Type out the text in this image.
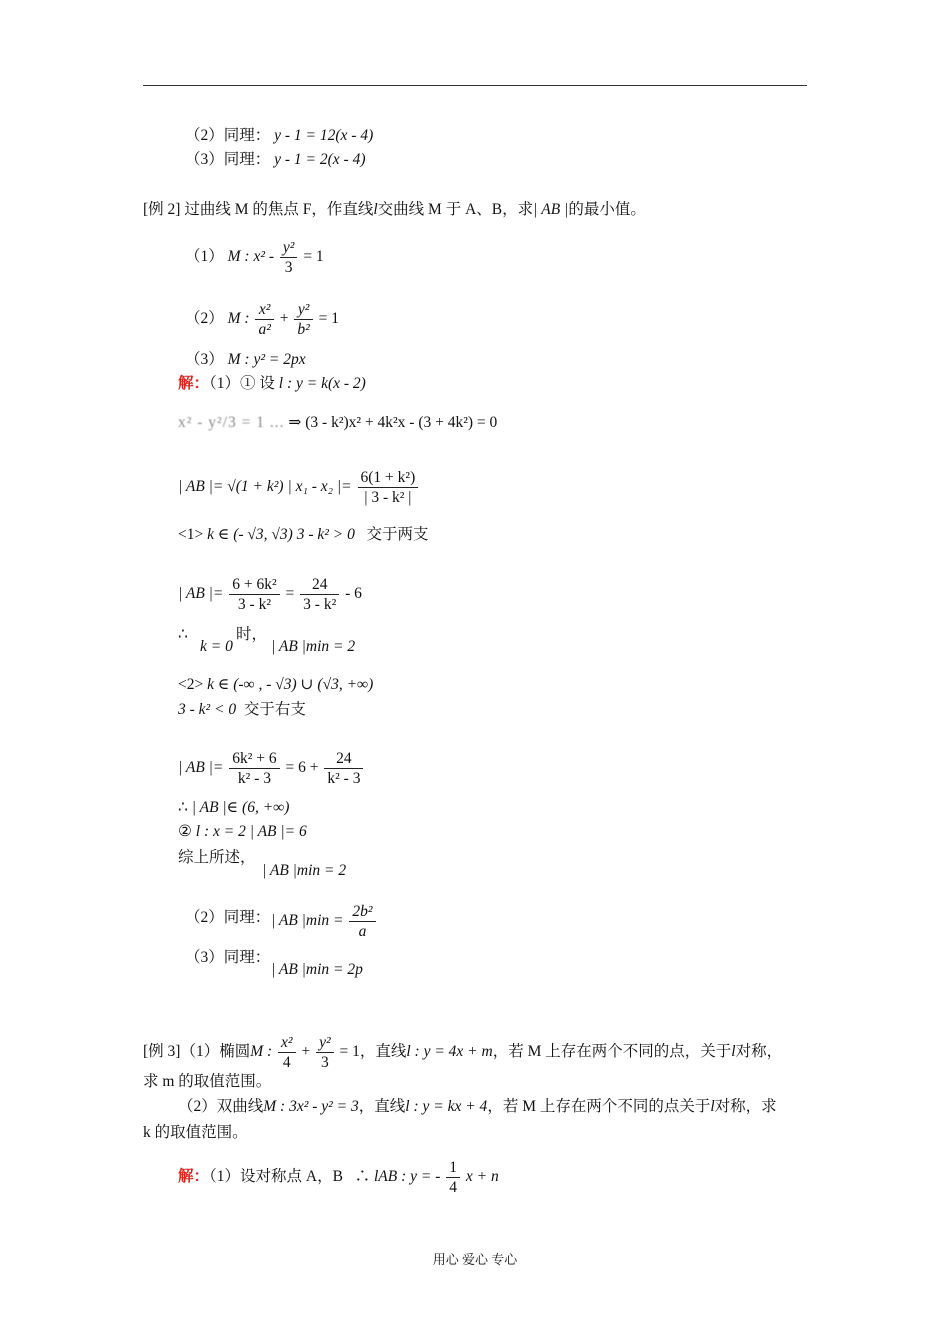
（2）同理： y - 1 = 12(x - 4)
（3）同理： y - 1 = 2(x - 4)
[例 2] 过曲线 M 的焦点 F，作直线l交曲线 M 于 A、B，求| AB |的最小值。
（1） M : $x^2 - \frac{\text{y²}}{3} = 1$
（2） M : $\frac{\text{x²}}{\text{a²}} + \frac{\text{y²}}{\text{b²}} = 1$
（3） M : y² = 2px
解：（1）① 设 l : y = k(x - 2)
x² - y²/3 = 1 ... ⇒ (3 - k²)x² + 4k²x - (3 + 4k²) = 0
| AB |= √(1 + k²) | x₁ - x₂ |= $\frac{\text{6(1 + k²)}}{\text{| 3 - k² |}}$
<1> k ∈ (- √3, √3) 3 - k² > 0 交于两支
| AB |= $\frac{\text{6 + 6k²}}{\text{3 - k²}} = \frac{24}{\text{3 - k²}} - 6$
∴
k = 0
时，
| AB |min = 2
<2> k ∈ (-∞ , - √3) ∪ (√3, +∞)
3 - k² < 0 交于右支
| AB |= $\frac{\text{6k² + 6}}{\text{k² - 3}} = 6 + \frac{24}{\text{k² - 3}}$
∴ | AB |∈ (6, +∞)
② l : x = 2 | AB |= 6
综上所述，
| AB |min = 2
（2）同理： | AB $|\min = \frac{\text{2b²}}{a}$
（3）同理：
| AB |min = 2p
[例 3]（1）椭圆M : $\frac{\text{x²}}{4} + \frac{\text{y²}}{3} = 1$，直线l : y = 4x + m，若 M 上存在两个不同的点，关于l对称，
求 m 的取值范围。
（2）双曲线M : 3x² - y² = 3，直线l : y = kx + 4，若 M 上存在两个不同的点关于l对称，求
k 的取值范围。
解：（1）设对称点 A，B ∴ lAB : y = - $\frac{1}{4}$ x + n
用心 爱心 专心
